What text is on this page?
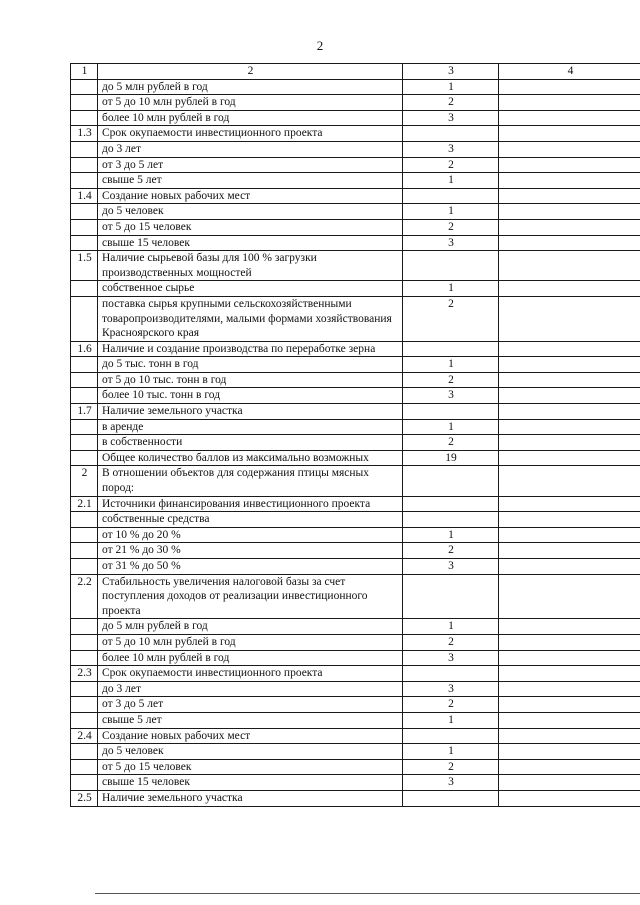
2
1	2	3	4
	до 5 млн рублей в год	1	
	от 5 до 10 млн рублей в год	2	
	более 10 млн рублей в год	3	
1.3	Срок окупаемости инвестиционного проекта		
	до 3 лет	3	
	от 3 до 5 лет	2	
	свыше 5 лет	1	
1.4	Создание новых рабочих мест		
	до 5 человек	1	
	от 5 до 15 человек	2	
	свыше 15 человек	3	
1.5	Наличие сырьевой базы для 100 % загрузки производственных мощностей		
	собственное сырье	1	
	поставка сырья крупными сельскохозяйственными товаропроизводителями, малыми формами хозяйствования Красноярского края	2	
1.6	Наличие и создание производства по переработке зерна		
	до 5 тыс. тонн в год	1	
	от 5 до 10 тыс. тонн в год	2	
	более 10 тыс. тонн в год	3	
1.7	Наличие земельного участка		
	в аренде	1	
	в собственности	2	
	Общее количество баллов из максимально возможных	19	
2	В отношении объектов для содержания птицы мясных пород:		
2.1	Источники финансирования инвестиционного проекта		
	собственные средства		
	от 10 % до 20 %	1	
	от 21 % до 30 %	2	
	от 31 % до 50 %	3	
2.2	Стабильность увеличения налоговой базы за счет поступления доходов от реализации инвестиционного проекта		
	до 5 млн рублей в год	1	
	от 5 до 10 млн рублей в год	2	
	более 10 млн рублей в год	3	
2.3	Срок окупаемости инвестиционного проекта		
	до 3 лет	3	
	от 3 до 5 лет	2	
	свыше 5 лет	1	
2.4	Создание новых рабочих мест		
	до 5 человек	1	
	от 5 до 15 человек	2	
	свыше 15 человек	3	
2.5	Наличие земельного участка		
